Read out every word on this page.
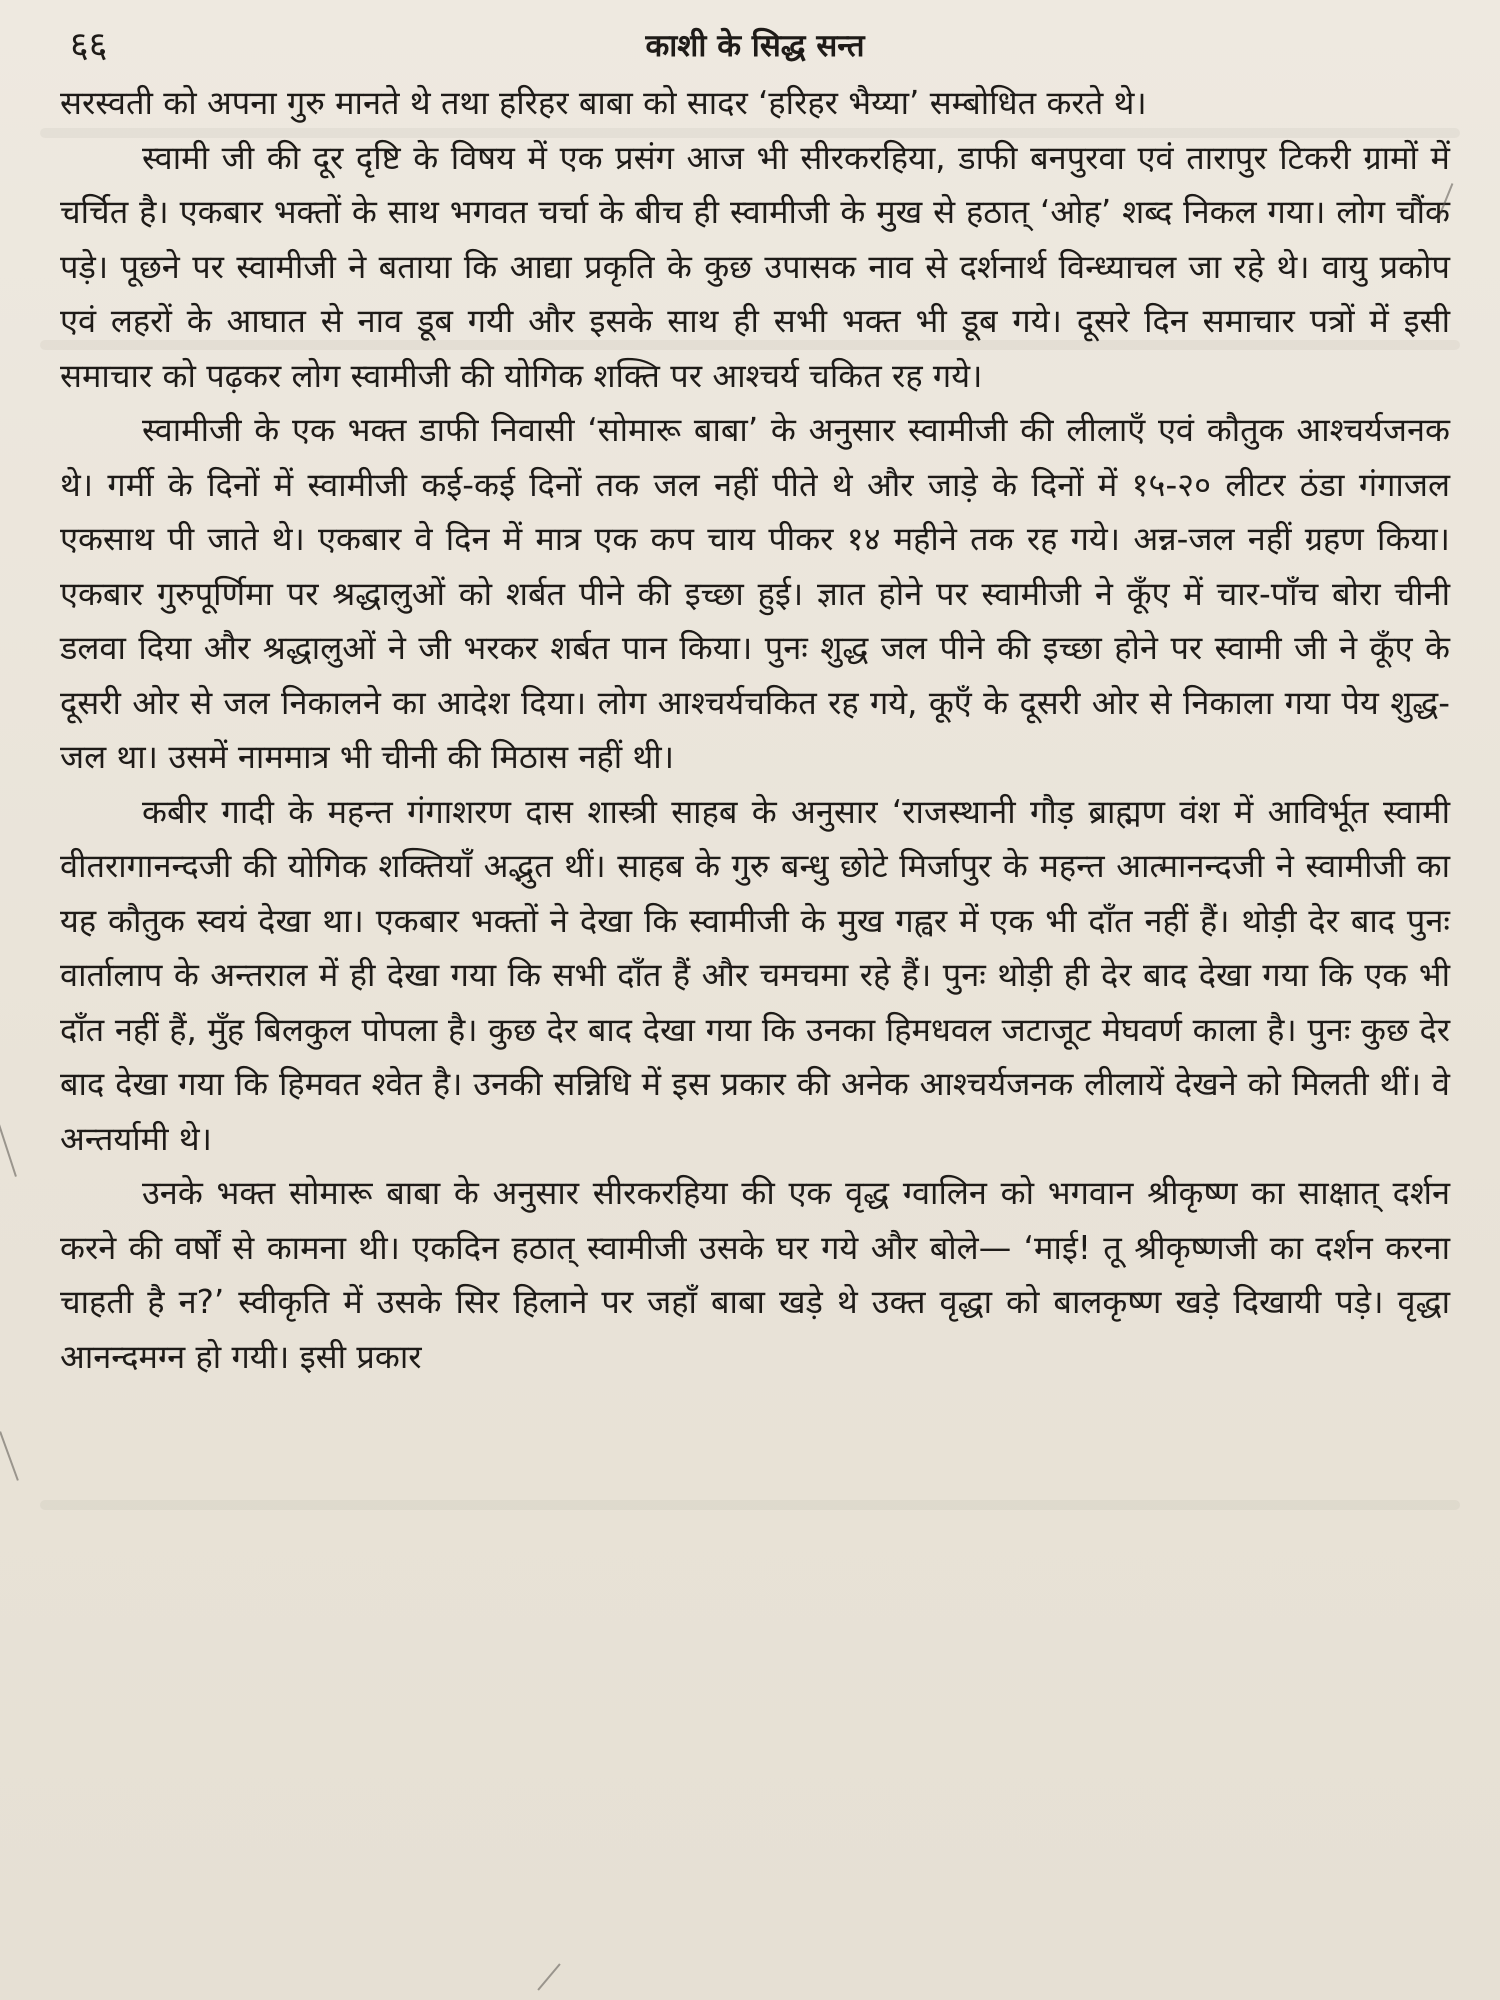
६६	काशी के सिद्ध सन्त

सरस्वती को अपना गुरु मानते थे तथा हरिहर बाबा को सादर ‘हरिहर भैय्या’ सम्बोधित करते थे।

स्वामी जी की दूर दृष्टि के विषय में एक प्रसंग आज भी सीरकरहिया, डाफी बनपुरवा एवं तारापुर टिकरी ग्रामों में चर्चित है। एकबार भक्तों के साथ भगवत चर्चा के बीच ही स्वामीजी के मुख से हठात् ‘ओह’ शब्द निकल गया। लोग चौंक पड़े। पूछने पर स्वामीजी ने बताया कि आद्या प्रकृति के कुछ उपासक नाव से दर्शनार्थ विन्ध्याचल जा रहे थे। वायु प्रकोप एवं लहरों के आघात से नाव डूब गयी और इसके साथ ही सभी भक्त भी डूब गये। दूसरे दिन समाचार पत्रों में इसी समाचार को पढ़कर लोग स्वामीजी की योगिक शक्ति पर आश्चर्य चकित रह गये।

स्वामीजी के एक भक्त डाफी निवासी ‘सोमारू बाबा’ के अनुसार स्वामीजी की लीलाएँ एवं कौतुक आश्चर्यजनक थे। गर्मी के दिनों में स्वामीजी कई-कई दिनों तक जल नहीं पीते थे और जाड़े के दिनों में १५-२० लीटर ठंडा गंगाजल एकसाथ पी जाते थे। एकबार वे दिन में मात्र एक कप चाय पीकर १४ महीने तक रह गये। अन्न-जल नहीं ग्रहण किया। एकबार गुरुपूर्णिमा पर श्रद्धालुओं को शर्बत पीने की इच्छा हुई। ज्ञात होने पर स्वामीजी ने कूँए में चार-पाँच बोरा चीनी डलवा दिया और श्रद्धालुओं ने जी भरकर शर्बत पान किया। पुनः शुद्ध जल पीने की इच्छा होने पर स्वामी जी ने कूँए के दूसरी ओर से जल निकालने का आदेश दिया। लोग आश्चर्यचकित रह गये, कूएँ के दूसरी ओर से निकाला गया पेय शुद्ध-जल था। उसमें नाममात्र भी चीनी की मिठास नहीं थी।

कबीर गादी के महन्त गंगाशरण दास शास्त्री साहब के अनुसार ‘राजस्थानी गौड़ ब्राह्मण वंश में आविर्भूत स्वामी वीतरागानन्दजी की योगिक शक्तियाँ अद्भुत थीं। साहब के गुरु बन्धु छोटे मिर्जापुर के महन्त आत्मानन्दजी ने स्वामीजी का यह कौतुक स्वयं देखा था। एकबार भक्तों ने देखा कि स्वामीजी के मुख गह्वर में एक भी दाँत नहीं हैं। थोड़ी देर बाद पुनः वार्तालाप के अन्तराल में ही देखा गया कि सभी दाँत हैं और चमचमा रहे हैं। पुनः थोड़ी ही देर बाद देखा गया कि एक भी दाँत नहीं हैं, मुँह बिलकुल पोपला है। कुछ देर बाद देखा गया कि उनका हिमधवल जटाजूट मेघवर्ण काला है। पुनः कुछ देर बाद देखा गया कि हिमवत श्वेत है। उनकी सन्निधि में इस प्रकार की अनेक आश्चर्यजनक लीलायें देखने को मिलती थीं। वे अन्तर्यामी थे।

उनके भक्त सोमारू बाबा के अनुसार सीरकरहिया की एक वृद्ध ग्वालिन को भगवान श्रीकृष्ण का साक्षात् दर्शन करने की वर्षों से कामना थी। एकदिन हठात् स्वामीजी उसके घर गये और बोले— ‘माई! तू श्रीकृष्णजी का दर्शन करना चाहती है न?’ स्वीकृति में उसके सिर हिलाने पर जहाँ बाबा खड़े थे उक्त वृद्धा को बालकृष्ण खड़े दिखायी पड़े। वृद्धा आनन्दमग्न हो गयी। इसी प्रकार
